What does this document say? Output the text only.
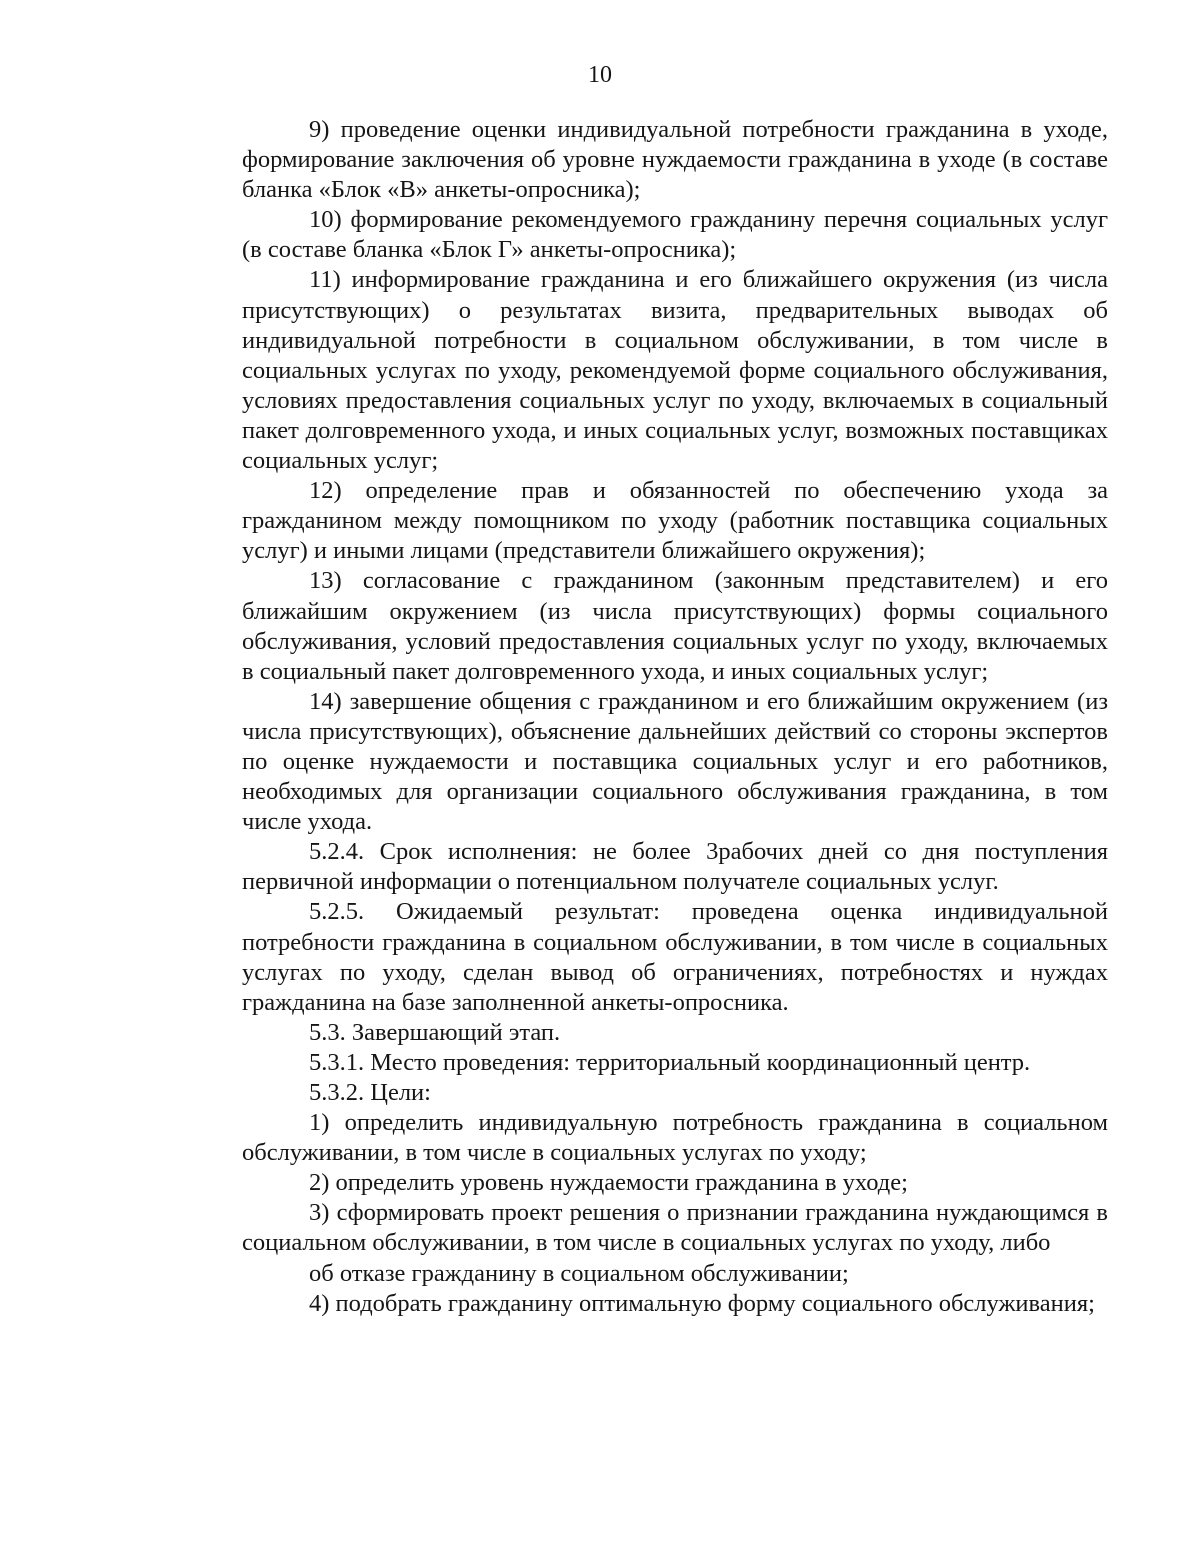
10

9) проведение оценки индивидуальной потребности гражданина в уходе, формирование заключения об уровне нуждаемости гражданина в уходе (в составе бланка «Блок «В» анкеты-опросника);

10) формирование рекомендуемого гражданину перечня социальных услуг (в составе бланка «Блок Г» анкеты-опросника);

11) информирование гражданина и его ближайшего окружения (из числа присутствующих) о результатах визита, предварительных выводах об индивидуальной потребности в социальном обслуживании, в том числе в социальных услугах по уходу, рекомендуемой форме социального обслуживания, условиях предоставления социальных услуг по уходу, включаемых в социальный пакет долговременного ухода, и иных социальных услуг, возможных поставщиках социальных услуг;

12) определение прав и обязанностей по обеспечению ухода за гражданином между помощником по уходу (работник поставщика социальных услуг) и иными лицами (представители ближайшего окружения);

13) согласование с гражданином (законным представителем) и его ближайшим окружением (из числа присутствующих) формы социального обслуживания, условий предоставления социальных услуг по уходу, включаемых в социальный пакет долговременного ухода, и иных социальных услуг;

14) завершение общения с гражданином и его ближайшим окружением (из числа присутствующих), объяснение дальнейших действий со стороны экспертов по оценке нуждаемости и поставщика социальных услуг и его работников, необходимых для организации социального обслуживания гражданина, в том числе ухода.

5.2.4. Срок исполнения: не более 3рабочих дней со дня поступления первичной информации о потенциальном получателе социальных услуг.

5.2.5. Ожидаемый результат: проведена оценка индивидуальной потребности гражданина в социальном обслуживании, в том числе в социальных услугах по уходу, сделан вывод об ограничениях, потребностях и нуждах гражданина на базе заполненной анкеты-опросника.

5.3. Завершающий этап.

5.3.1. Место проведения: территориальный координационный центр.

5.3.2. Цели:

1) определить индивидуальную потребность гражданина в социальном обслуживании, в том числе в социальных услугах по уходу;

2) определить уровень нуждаемости гражданина в уходе;

3) сформировать проект решения о признании гражданина нуждающимся в социальном обслуживании, в том числе в социальных услугах по уходу, либо

об отказе гражданину в социальном обслуживании;

4) подобрать гражданину оптимальную форму социального обслуживания;
